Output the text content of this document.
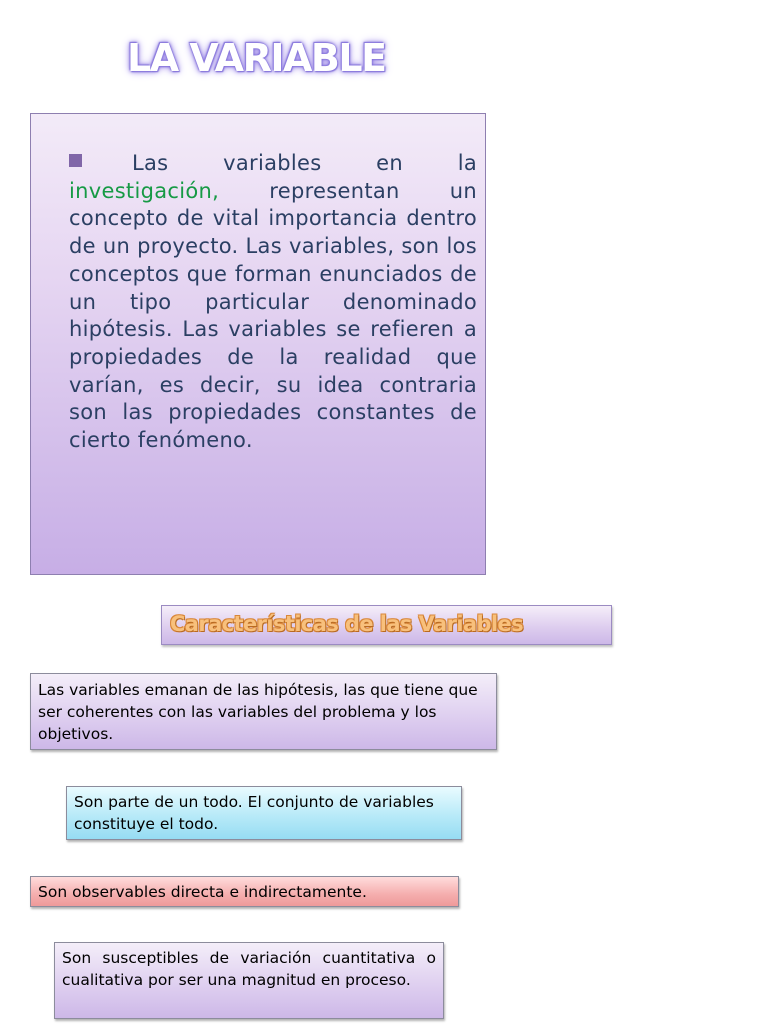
LA VARIABLE

Las variables en la investigación, representan un concepto de vital importancia dentro de un proyecto. Las variables, son los conceptos que forman enunciados de un tipo particular denominado hipótesis. Las variables se refieren a propiedades de la realidad que varían, es decir, su idea contraria son las propiedades constantes de cierto fenómeno.

Características de las Variables

Las variables emanan de las hipótesis, las que tiene que ser coherentes con las variables del problema y los objetivos.

Son parte de un todo. El conjunto de variables constituye el todo.

Son observables directa e indirectamente.

Son susceptibles de variación cuantitativa o cualitativa por ser una magnitud en proceso.
